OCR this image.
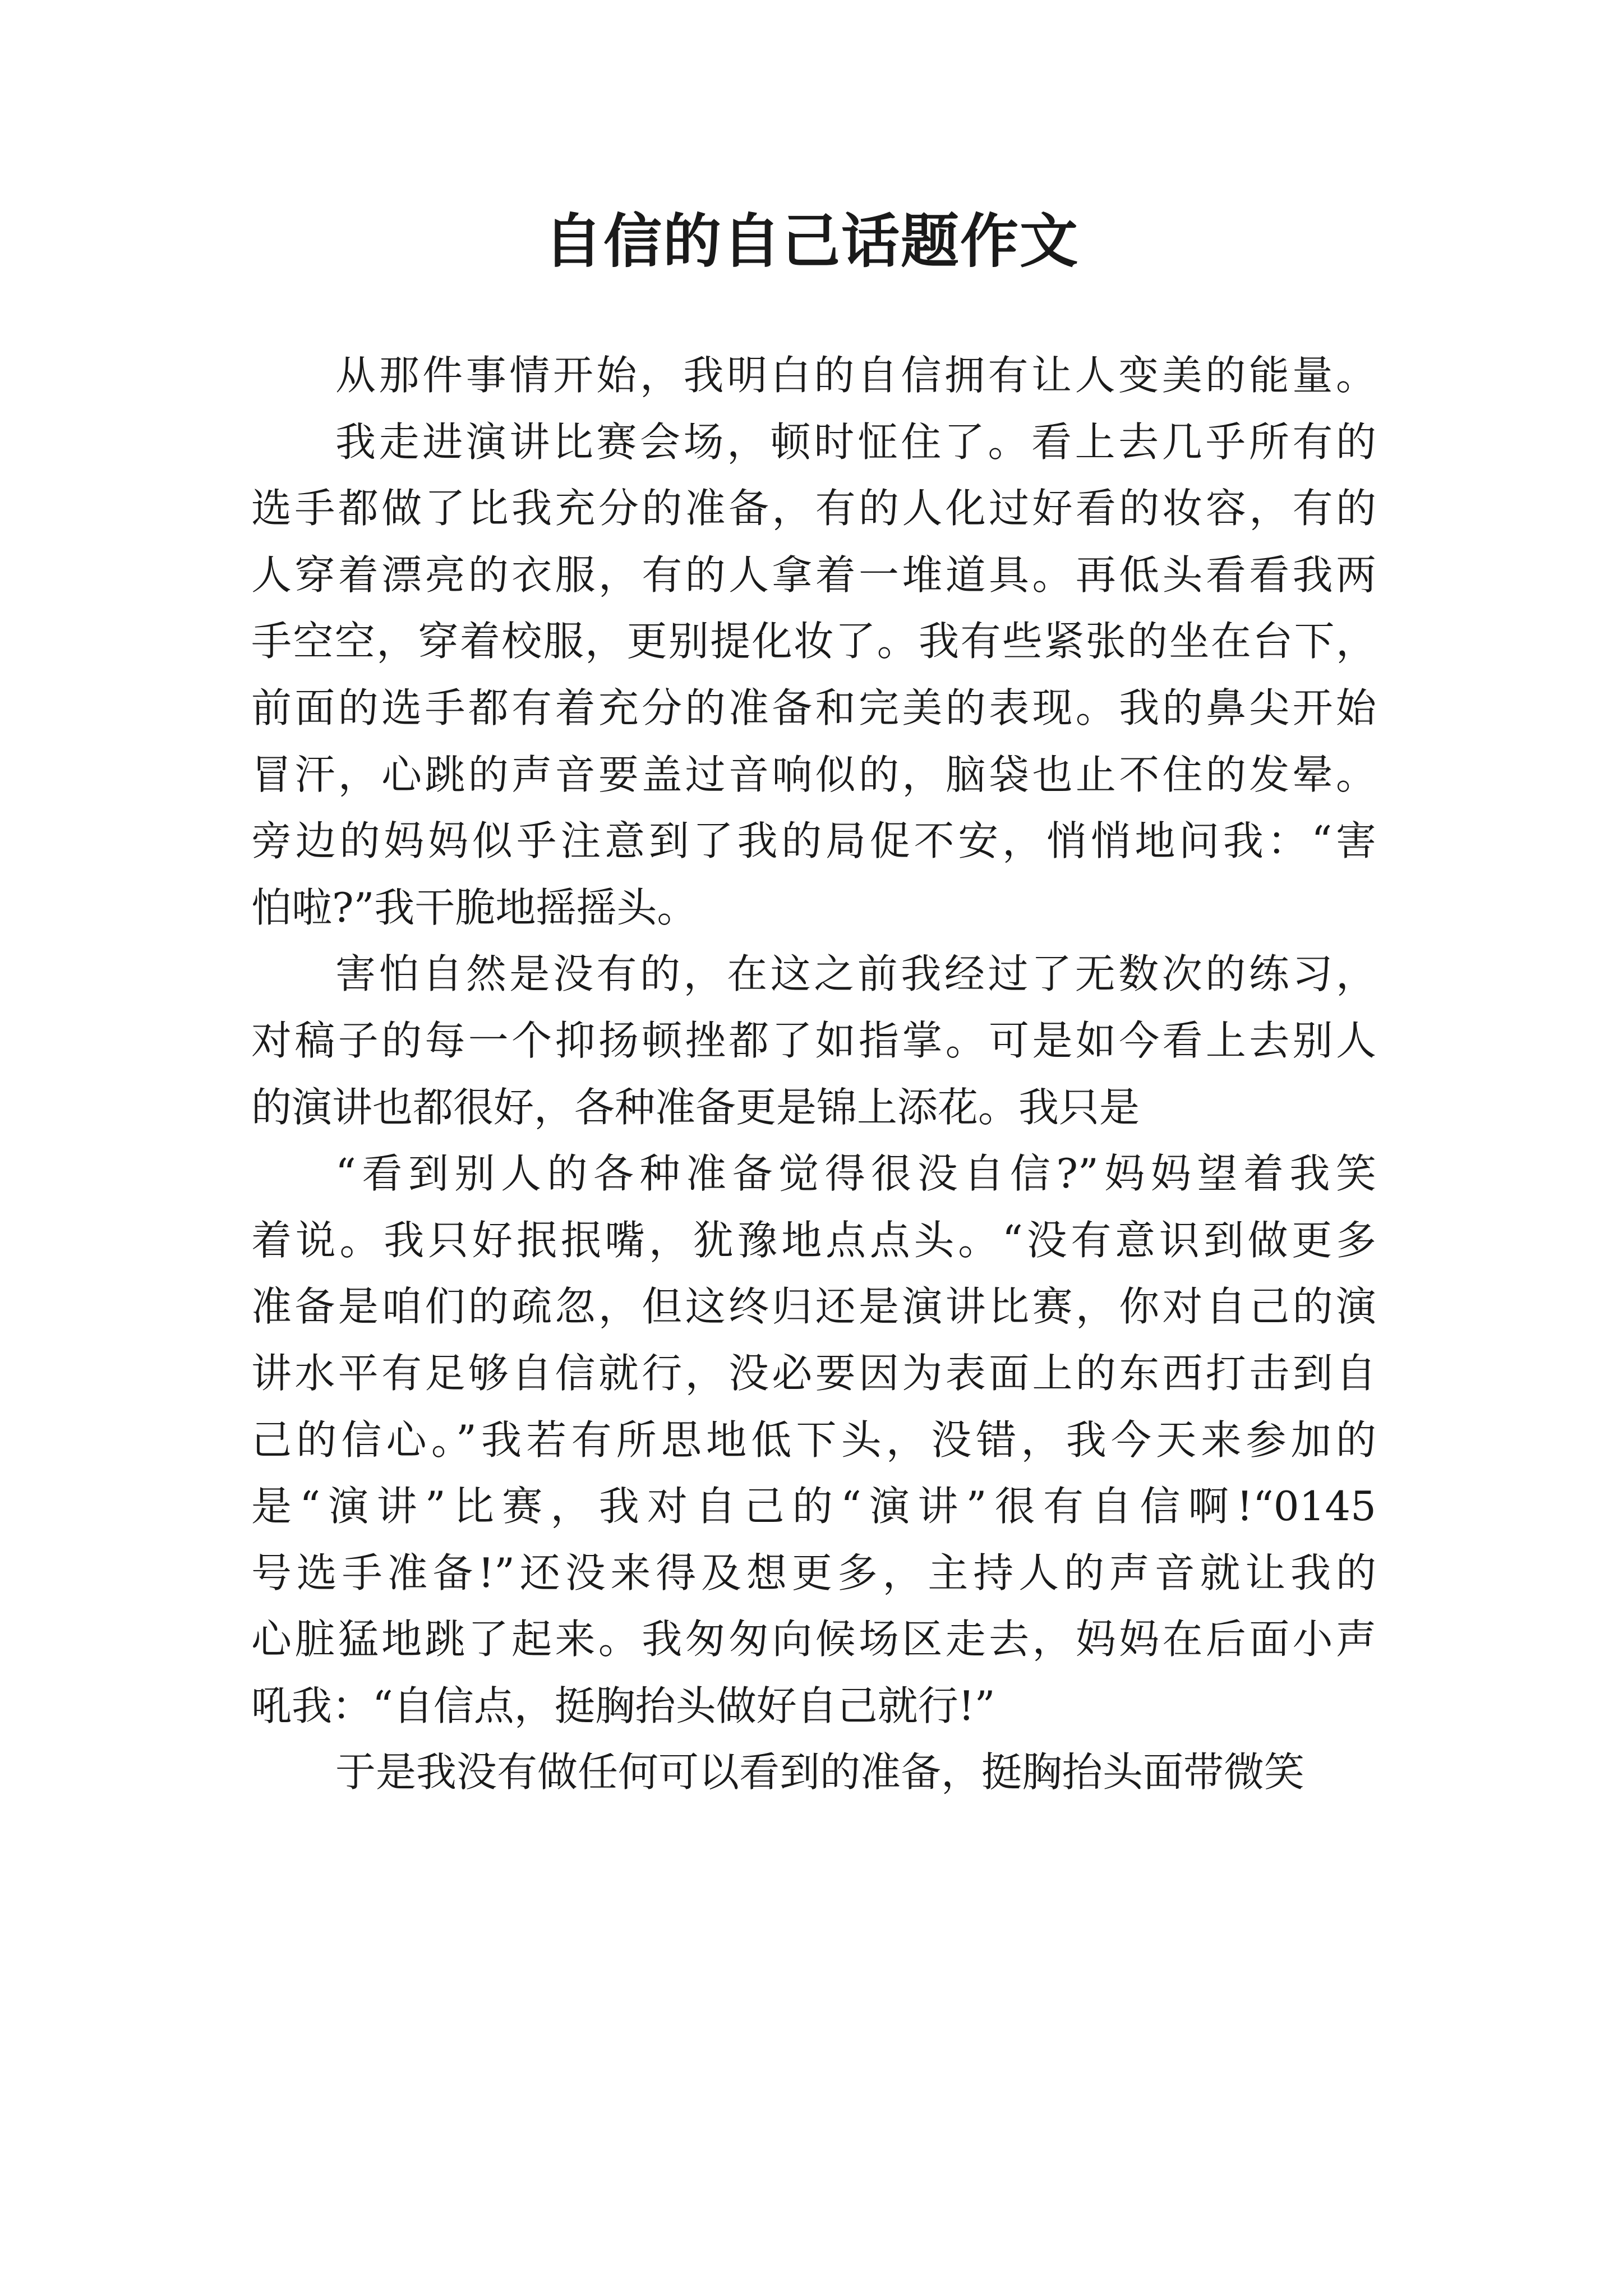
自信的自己话题作文
从那件事情开始，我明白的自信拥有让人变美的能量。
我走进演讲比赛会场，顿时怔住了。看上去几乎所有的
选手都做了比我充分的准备，有的人化过好看的妆容，有的
人穿着漂亮的衣服，有的人拿着一堆道具。再低头看看我两
手空空，穿着校服，更别提化妆了。我有些紧张的坐在台下，
前面的选手都有着充分的准备和完美的表现。我的鼻尖开始
冒汗，心跳的声音要盖过音响似的，脑袋也止不住的发晕。
旁边的妈妈似乎注意到了我的局促不安，悄悄地问我：“害
怕啦?”我干脆地摇摇头。
害怕自然是没有的，在这之前我经过了无数次的练习，
对稿子的每一个抑扬顿挫都了如指掌。可是如今看上去别人
的演讲也都很好，各种准备更是锦上添花。我只是
“看到别人的各种准备觉得很没自信?”妈妈望着我笑
着说。我只好抿抿嘴，犹豫地点点头。“没有意识到做更多
准备是咱们的疏忽，但这终归还是演讲比赛，你对自己的演
讲水平有足够自信就行，没必要因为表面上的东西打击到自
己的信心。”我若有所思地低下头，没错，我今天来参加的
是“演讲”比赛，我对自己的“演讲”很有自信啊!“0145
号选手准备!”还没来得及想更多，主持人的声音就让我的
心脏猛地跳了起来。我匆匆向候场区走去，妈妈在后面小声
吼我：“自信点，挺胸抬头做好自己就行!”
于是我没有做任何可以看到的准备，挺胸抬头面带微笑
